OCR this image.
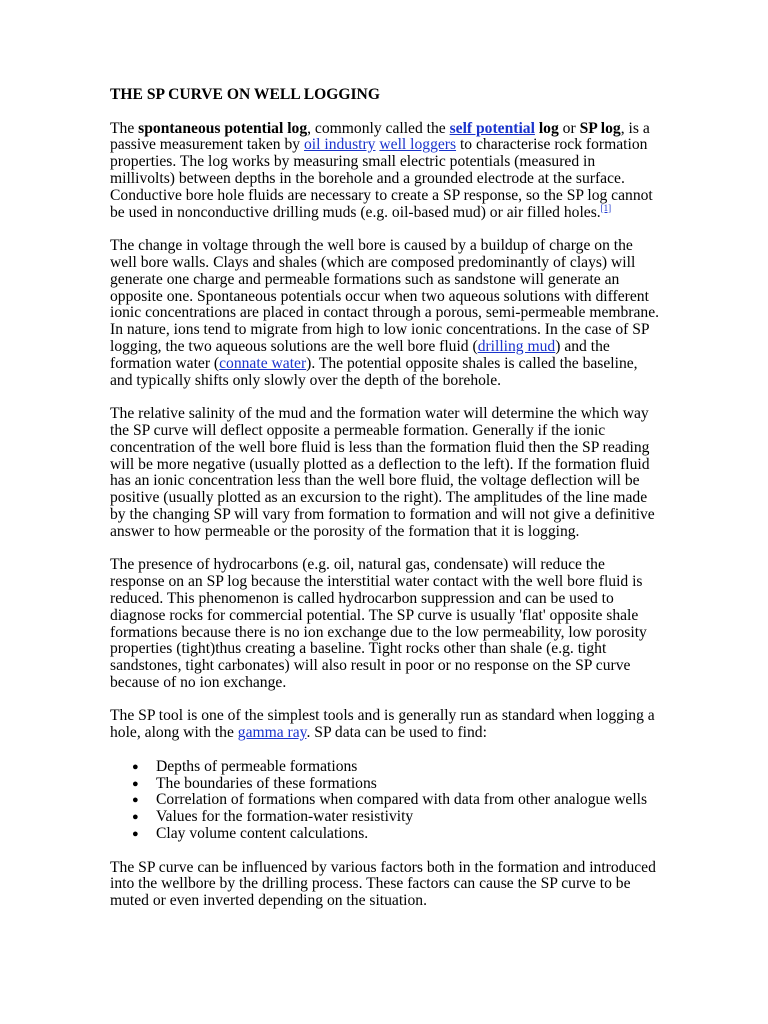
THE SP CURVE ON WELL LOGGING

The spontaneous potential log, commonly called the self potential log or SP log, is a passive measurement taken by oil industry well loggers to characterise rock formation properties. The log works by measuring small electric potentials (measured in millivolts) between depths in the borehole and a grounded electrode at the surface. Conductive bore hole fluids are necessary to create a SP response, so the SP log cannot be used in nonconductive drilling muds (e.g. oil-based mud) or air filled holes.[1]

The change in voltage through the well bore is caused by a buildup of charge on the well bore walls. Clays and shales (which are composed predominantly of clays) will generate one charge and permeable formations such as sandstone will generate an opposite one. Spontaneous potentials occur when two aqueous solutions with different ionic concentrations are placed in contact through a porous, semi-permeable membrane. In nature, ions tend to migrate from high to low ionic concentrations. In the case of SP logging, the two aqueous solutions are the well bore fluid (drilling mud) and the formation water (connate water). The potential opposite shales is called the baseline, and typically shifts only slowly over the depth of the borehole.

The relative salinity of the mud and the formation water will determine the which way the SP curve will deflect opposite a permeable formation. Generally if the ionic concentration of the well bore fluid is less than the formation fluid then the SP reading will be more negative (usually plotted as a deflection to the left). If the formation fluid has an ionic concentration less than the well bore fluid, the voltage deflection will be positive (usually plotted as an excursion to the right). The amplitudes of the line made by the changing SP will vary from formation to formation and will not give a definitive answer to how permeable or the porosity of the formation that it is logging.

The presence of hydrocarbons (e.g. oil, natural gas, condensate) will reduce the response on an SP log because the interstitial water contact with the well bore fluid is reduced. This phenomenon is called hydrocarbon suppression and can be used to diagnose rocks for commercial potential. The SP curve is usually 'flat' opposite shale formations because there is no ion exchange due to the low permeability, low porosity properties (tight)thus creating a baseline. Tight rocks other than shale (e.g. tight sandstones, tight carbonates) will also result in poor or no response on the SP curve because of no ion exchange.

The SP tool is one of the simplest tools and is generally run as standard when logging a hole, along with the gamma ray. SP data can be used to find:

● Depths of permeable formations
● The boundaries of these formations
● Correlation of formations when compared with data from other analogue wells
● Values for the formation-water resistivity
● Clay volume content calculations.

The SP curve can be influenced by various factors both in the formation and introduced into the wellbore by the drilling process. These factors can cause the SP curve to be muted or even inverted depending on the situation.
